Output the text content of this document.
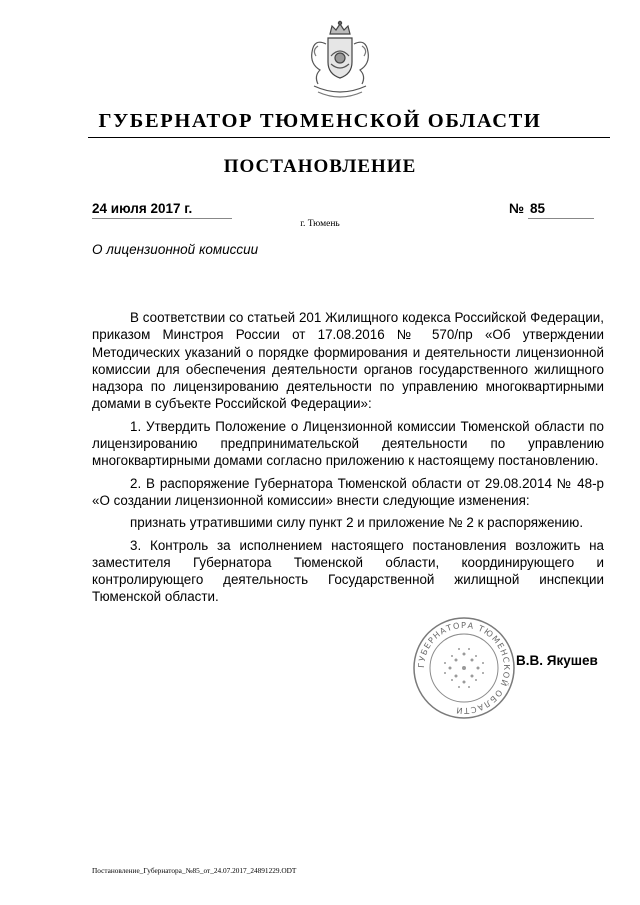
ГУБЕРНАТОР ТЮМЕНСКОЙ ОБЛАСТИ
ПОСТАНОВЛЕНИЕ
24 июля 2017 г.	№ 85
г. Тюмень
О лицензионной комиссии

В соответствии со статьей 201 Жилищного кодекса Российской Федерации, приказом Минстроя России от 17.08.2016 № 570/пр «Об утверждении Методических указаний о порядке формирования и деятельности лицензионной комиссии для обеспечения деятельности органов государственного жилищного надзора по лицензированию деятельности по управлению многоквартирными домами в субъекте Российской Федерации»:

1. Утвердить Положение о Лицензионной комиссии Тюменской области по лицензированию предпринимательской деятельности по управлению многоквартирными домами согласно приложению к настоящему постановлению.

2. В распоряжение Губернатора Тюменской области от 29.08.2014 № 48-р «О создании лицензионной комиссии» внести следующие изменения:

признать утратившими силу пункт 2 и приложение № 2 к распоряжению.

3. Контроль за исполнением настоящего постановления возложить на заместителя Губернатора Тюменской области, координирующего и контролирующего деятельность Государственной жилищной инспекции Тюменской области.

ГУБЕРНАТОРА ТЮМЕНСКОЙ ОБЛАСТИ
В.В. Якушев
Постановление_Губернатора_№85_от_24.07.2017_24891229.ODT
